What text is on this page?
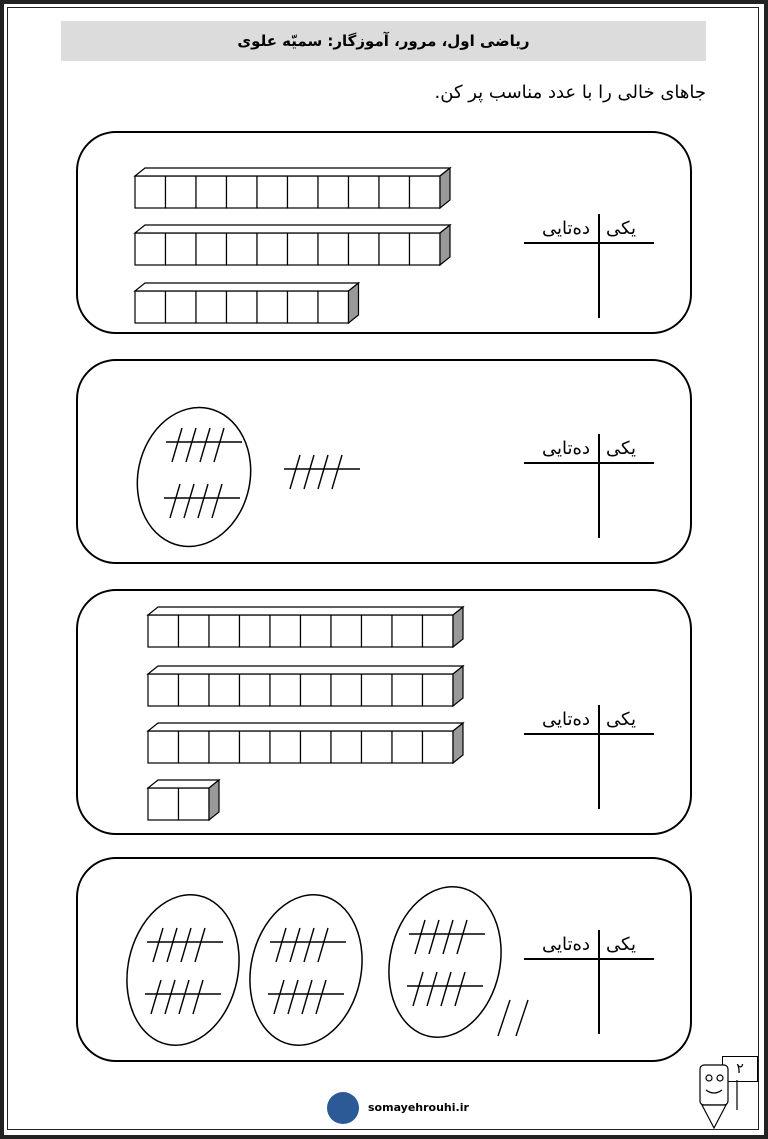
ریاضی اول، مرور، آموزگار: سمیّه علوی
جاهای خالی را با عدد مناسب پر کن.
یکی
ده‌تایی
یکی
ده‌تایی
یکی
ده‌تایی
یکی
ده‌تایی
somayehrouhi.ir
۲
